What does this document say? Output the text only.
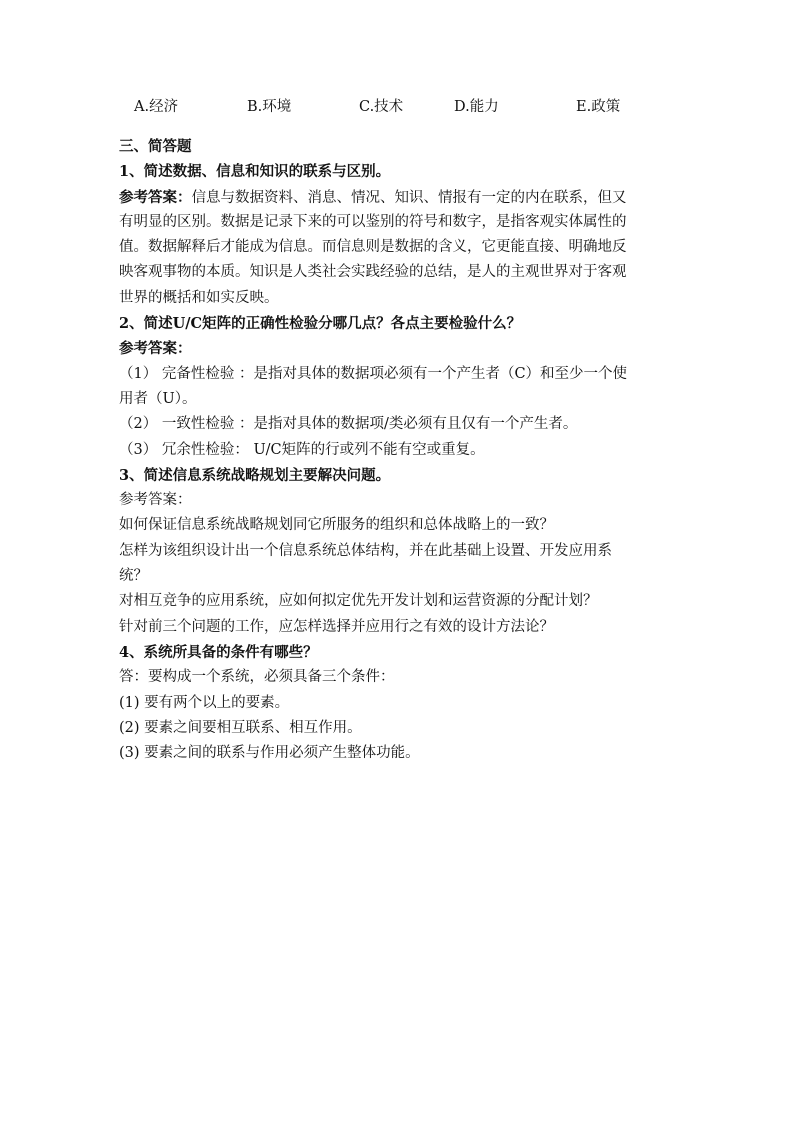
A.经济	B.环境	C.技术	D.能力	E.政策
三、简答题
1、简述数据、信息和知识的联系与区别。
参考答案：信息与数据资料、消息、情况、知识、情报有一定的内在联系，但又
有明显的区别。数据是记录下来的可以鉴别的符号和数字，是指客观实体属性的
值。数据解释后才能成为信息。而信息则是数据的含义，它更能直接、明确地反
映客观事物的本质。知识是人类社会实践经验的总结，是人的主观世界对于客观
世界的概括和如实反映。
2、简述U/C矩阵的正确性检验分哪几点？各点主要检验什么？
参考答案：
（1） 完备性检验 ：是指对具体的数据项必须有一个产生者（C）和至少一个使
用者（U）。
（2） 一致性检验 ：是指对具体的数据项/类必须有且仅有一个产生者。
（3） 冗余性检验： U/C矩阵的行或列不能有空或重复。
3、简述信息系统战略规划主要解决问题。
参考答案：
如何保证信息系统战略规划同它所服务的组织和总体战略上的一致？
怎样为该组织设计出一个信息系统总体结构，并在此基础上设置、开发应用系
统？
对相互竞争的应用系统，应如何拟定优先开发计划和运营资源的分配计划？
针对前三个问题的工作，应怎样选择并应用行之有效的设计方法论？
4、系统所具备的条件有哪些？
答：要构成一个系统，必须具备三个条件：
(1) 要有两个以上的要素。
(2) 要素之间要相互联系、相互作用。
(3) 要素之间的联系与作用必须产生整体功能。
